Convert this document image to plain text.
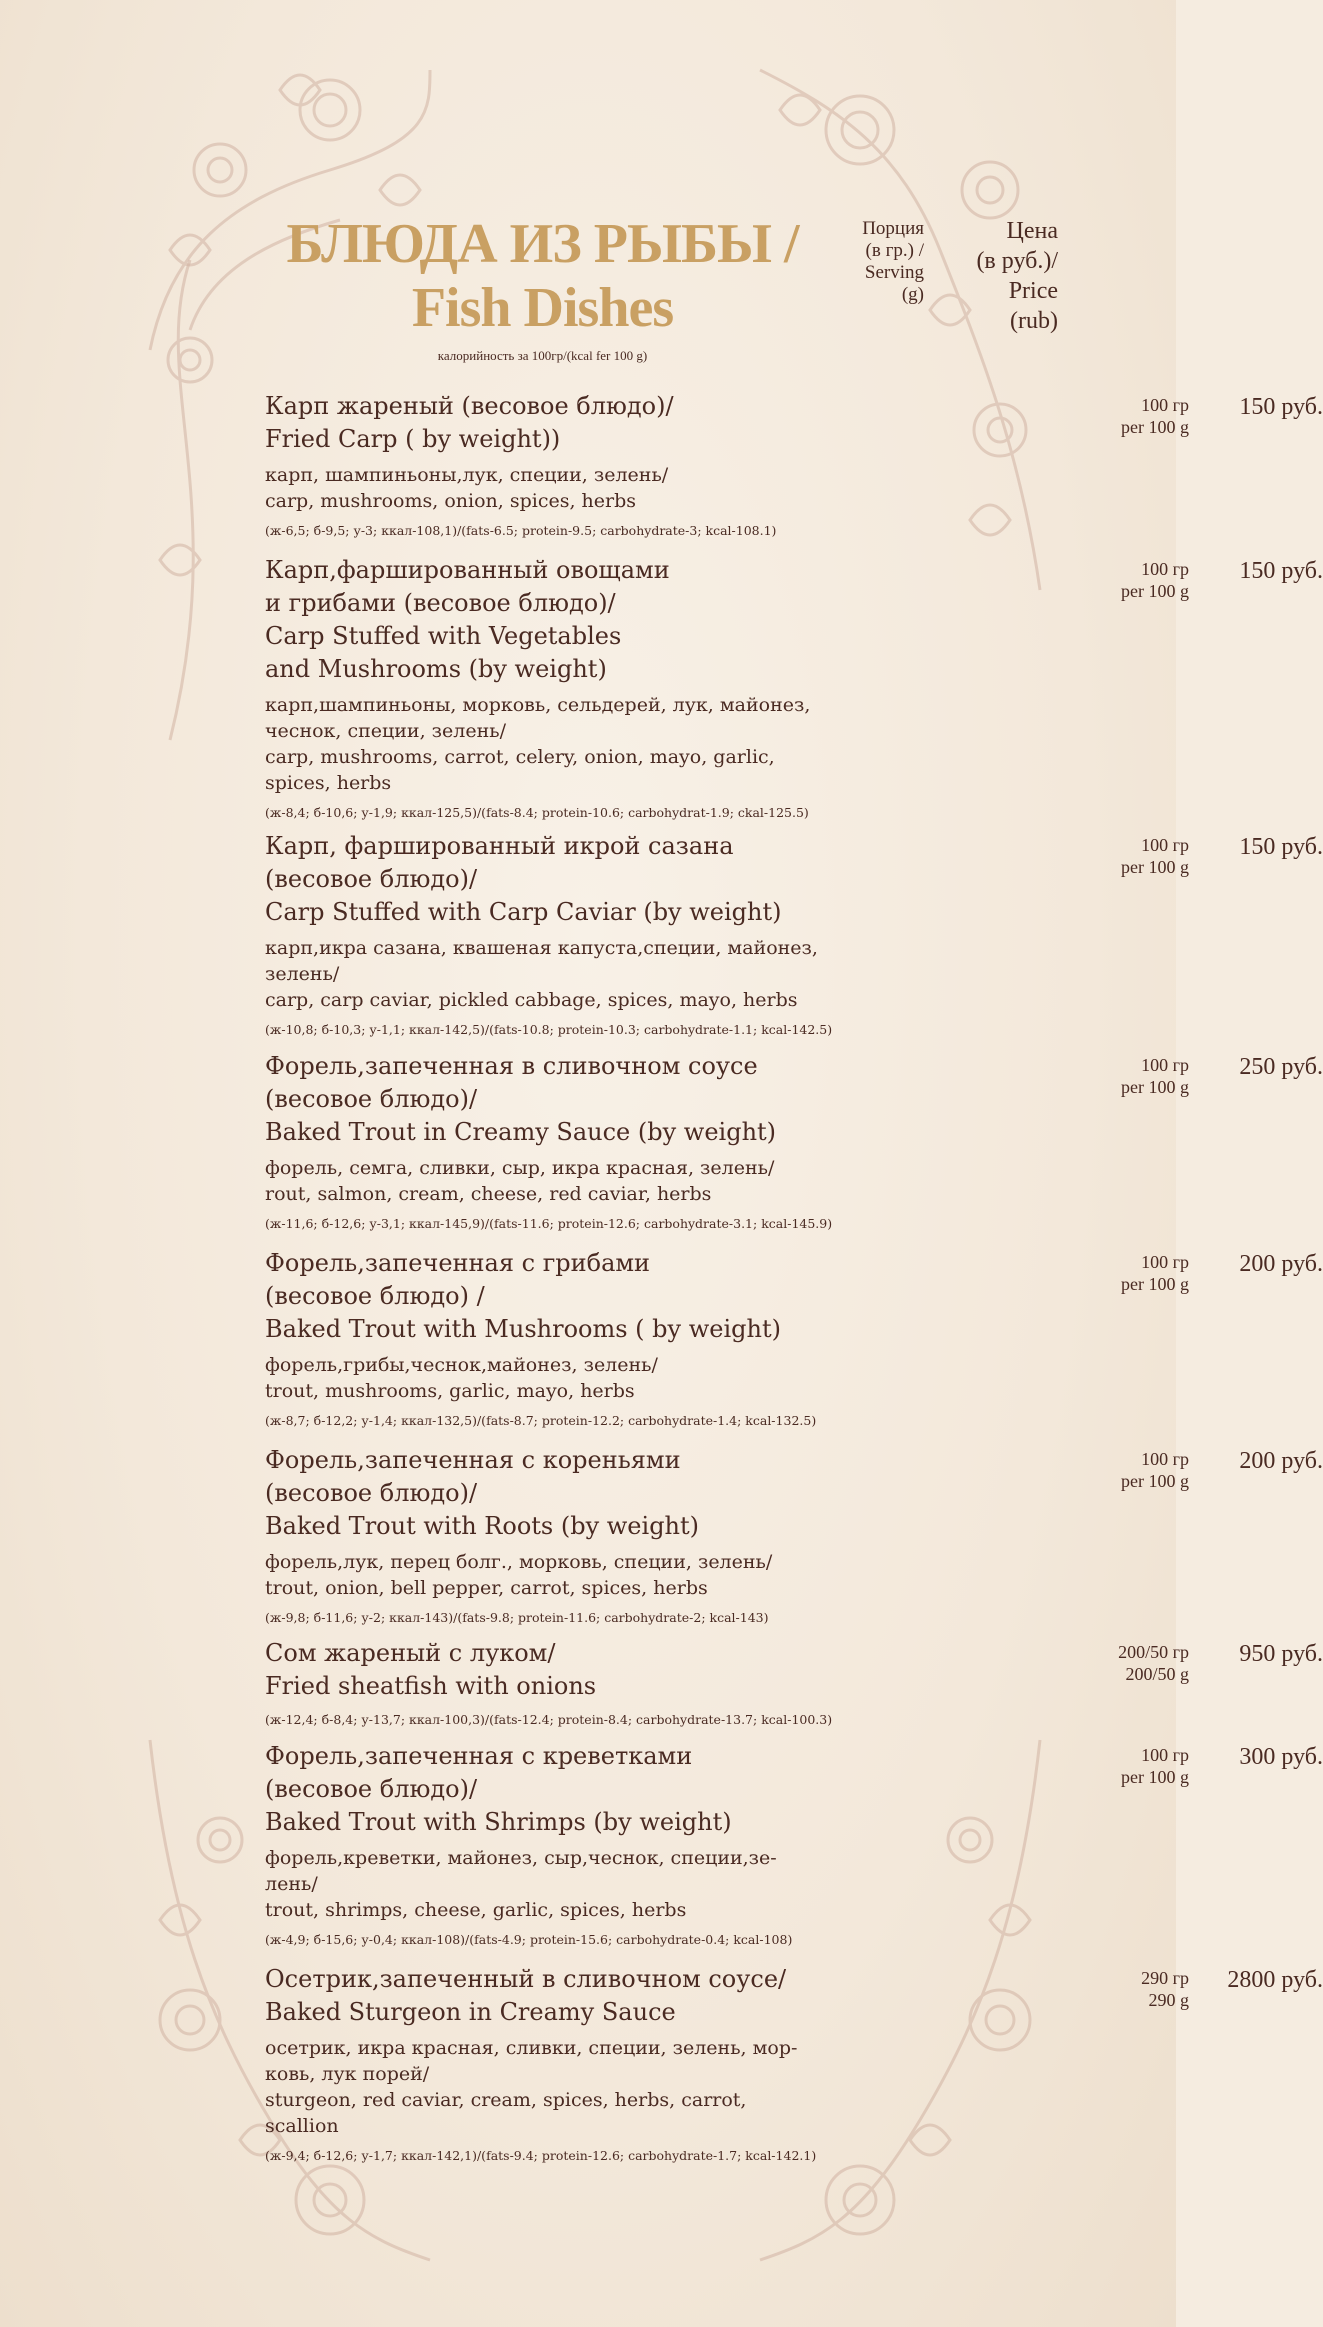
БЛЮДА ИЗ РЫБЫ /
Fish Dishes
калорийность за 100гр/(kcal fer 100 g)
Порция
(в гр.) /
Serving
(g)
Цена
(в руб.)/
Price
(rub)
Карп жареный (весовое блюдо)/
Fried Carp ( by weight))
карп, шампиньоны,лук, специи, зелень/
carp, mushrooms, onion, spices, herbs
(ж-6,5; б-9,5; у-3; ккал-108,1)/(fats-6.5; protein-9.5; carbohydrate-3; kcal-108.1)
100 гр
per 100 g
150 руб.
Карп,фаршированный овощами
и грибами (весовое блюдо)/
Carp Stuffed with Vegetables
and Mushrooms (by weight)
карп,шампиньоны, морковь, сельдерей, лук, майонез,
чеснок, специи, зелень/
carp, mushrooms, carrot, celery, onion, mayo, garlic,
spices, herbs
(ж-8,4; б-10,6; у-1,9; ккал-125,5)/(fats-8.4; protein-10.6; carbohydrat-1.9; ckal-125.5)
100 гр
per 100 g
150 руб.
Карп, фаршированный икрой сазана
(весовое блюдо)/
Carp Stuffed with Carp Caviar (by weight)
карп,икра сазана, квашеная капуста,специи, майонез,
зелень/
carp, carp caviar, pickled cabbage, spices, mayo, herbs
(ж-10,8; б-10,3; у-1,1; ккал-142,5)/(fats-10.8; protein-10.3; carbohydrate-1.1; kcal-142.5)
100 гр
per 100 g
150 руб.
Форель,запеченная в сливочном соусе
(весовое блюдо)/
Baked Trout in Creamy Sauce (by weight)
форель, семга, сливки, сыр, икра красная, зелень/
rout, salmon, cream, cheese, red caviar, herbs
(ж-11,6; б-12,6; у-3,1; ккал-145,9)/(fats-11.6; protein-12.6; carbohydrate-3.1; kcal-145.9)
100 гр
per 100 g
250 руб.
Форель,запеченная с грибами
(весовое блюдо) /
Baked Trout with Mushrooms ( by weight)
форель,грибы,чеснок,майонез, зелень/
trout, mushrooms, garlic, mayo, herbs
(ж-8,7; б-12,2; у-1,4; ккал-132,5)/(fats-8.7; protein-12.2; carbohydrate-1.4; kcal-132.5)
100 гр
per 100 g
200 руб.
Форель,запеченная с кореньями
(весовое блюдо)/
Baked Trout with Roots (by weight)
форель,лук, перец болг., морковь, специи, зелень/
trout, onion, bell pepper, carrot, spices, herbs
(ж-9,8; б-11,6; у-2; ккал-143)/(fats-9.8; protein-11.6; carbohydrate-2; kcal-143)
100 гр
per 100 g
200 руб.
Сом жареный с луком/
Fried sheatfish with onions
(ж-12,4; б-8,4; у-13,7; ккал-100,3)/(fats-12.4; protein-8.4; carbohydrate-13.7; kcal-100.3)
200/50 гр
200/50 g
950 руб.
Форель,запеченная с креветками
(весовое блюдо)/
Baked Trout with Shrimps (by weight)
форель,креветки, майонез, сыр,чеснок, специи,зе-
лень/
trout, shrimps, cheese, garlic, spices, herbs
(ж-4,9; б-15,6; у-0,4; ккал-108)/(fats-4.9; protein-15.6; carbohydrate-0.4; kcal-108)
100 гр
per 100 g
300 руб.
Осетрик,запеченный в сливочном соусе/
Baked Sturgeon in Creamy Sauce
осетрик, икра красная, сливки, специи, зелень, мор-
ковь, лук порей/
sturgeon, red caviar, cream, spices, herbs, carrot, scallion
(ж-9,4; б-12,6; у-1,7; ккал-142,1)/(fats-9.4; protein-12.6; carbohydrate-1.7; kcal-142.1)
290 гр
290 g
2800 руб.
